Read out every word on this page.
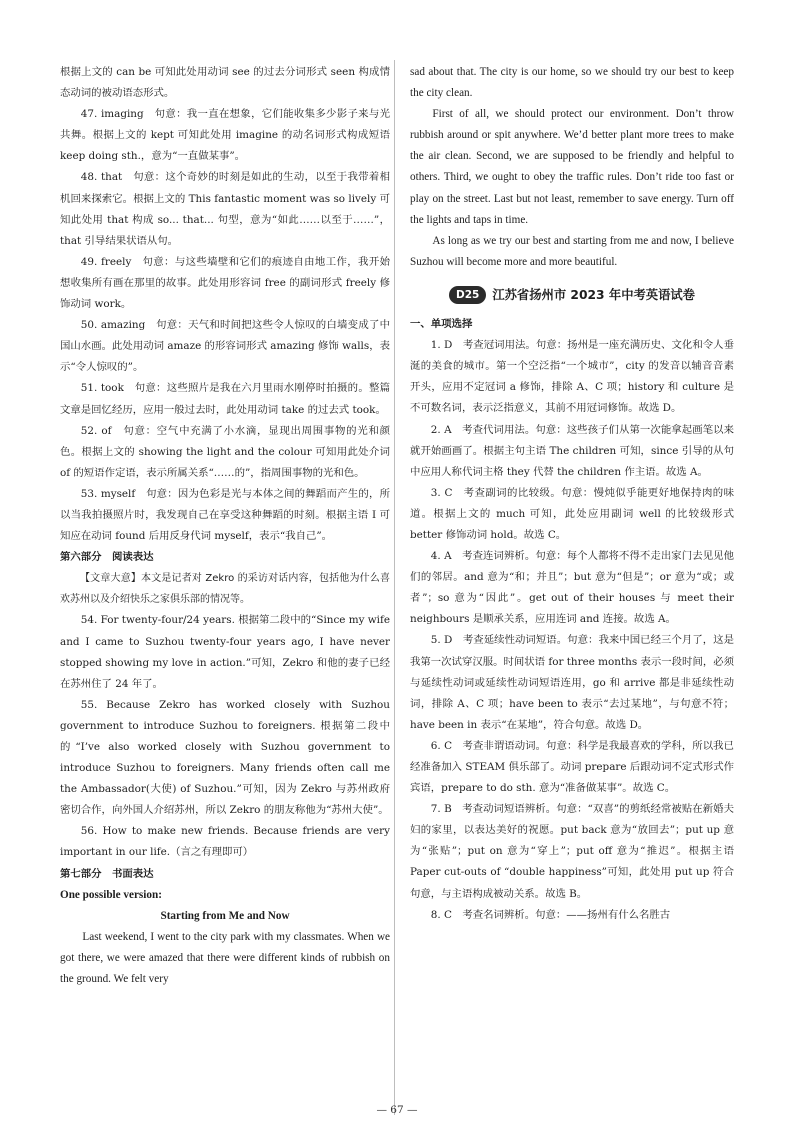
根据上文的 can be 可知此处用动词 see 的过去分词形式 seen 构成情态动词的被动语态形式。

47. imaging　句意：我一直在想象，它们能收集多少影子来与光共舞。根据上文的 kept 可知此处用 imagine 的动名词形式构成短语 keep doing sth.，意为“一直做某事”。

48. that　句意：这个奇妙的时刻是如此的生动，以至于我带着相机回来探索它。根据上文的 This fantastic moment was so lively 可知此处用 that 构成 so... that... 句型，意为“如此……以至于……”，that 引导结果状语从句。

49. freely　句意：与这些墙壁和它们的痕迹自由地工作，我开始想收集所有画在那里的故事。此处用形容词 free 的副词形式 freely 修饰动词 work。

50. amazing　句意：天气和时间把这些令人惊叹的白墙变成了中国山水画。此处用动词 amaze 的形容词形式 amazing 修饰 walls，表示“令人惊叹的”。

51. took　句意：这些照片是我在六月里雨水刚停时拍摄的。整篇文章是回忆经历，应用一般过去时，此处用动词 take 的过去式 took。

52. of　句意：空气中充满了小水滴，显现出周围事物的光和颜色。根据上文的 showing the light and the colour 可知用此处介词 of 的短语作定语，表示所属关系“……的”，指周围事物的光和色。

53. myself　句意：因为色彩是光与本体之间的舞蹈而产生的，所以当我拍摄照片时，我发现自己在享受这种舞蹈的时刻。根据主语 I 可知应在动词 found 后用反身代词 myself，表示“我自己”。

第六部分　阅读表达

【文章大意】本文是记者对 Zekro 的采访对话内容，包括他为什么喜欢苏州以及介绍快乐之家俱乐部的情况等。

54. For twenty-four/24 years. 根据第二段中的“Since my wife and I came to Suzhou twenty-four years ago, I have never stopped showing my love in action.”可知，Zekro 和他的妻子已经在苏州住了 24 年了。

55. Because Zekro has worked closely with Suzhou government to introduce Suzhou to foreigners. 根据第二段中的“I’ve also worked closely with Suzhou government to introduce Suzhou to foreigners. Many friends often call me the Ambassador(大使) of Suzhou.”可知，因为 Zekro 与苏州政府密切合作，向外国人介绍苏州，所以 Zekro 的朋友称他为“苏州大使”。

56. How to make new friends. Because friends are very important in our life.（言之有理即可）

第七部分　书面表达

One possible version:

Starting from Me and Now

Last weekend, I went to the city park with my classmates. When we got there, we were amazed that there were different kinds of rubbish on the ground. We felt very

sad about that. The city is our home, so we should try our best to keep the city clean.

First of all, we should protect our environment. Don’t throw rubbish around or spit anywhere. We’d better plant more trees to make the air clean. Second, we are supposed to be friendly and helpful to others. Third, we ought to obey the traffic rules. Don’t ride too fast or play on the street. Last but not least, remember to save energy. Turn off the lights and taps in time.

As long as we try our best and starting from me and now, I believe Suzhou will become more and more beautiful.

D25	江苏省扬州市 2023 年中考英语试卷

一、单项选择

1. D　考查冠词用法。句意：扬州是一座充满历史、文化和令人垂涎的美食的城市。第一个空泛指“一个城市”，city 的发音以辅音音素开头，应用不定冠词 a 修饰，排除 A、C 项；history 和 culture 是不可数名词，表示泛指意义，其前不用冠词修饰。故选 D。

2. A　考查代词用法。句意：这些孩子们从第一次能拿起画笔以来就开始画画了。根据主句主语 The children 可知，since 引导的从句中应用人称代词主格 they 代替 the children 作主语。故选 A。

3. C　考查副词的比较级。句意：慢炖似乎能更好地保持肉的味道。根据上文的 much 可知，此处应用副词 well 的比较级形式 better 修饰动词 hold。故选 C。

4. A　考查连词辨析。句意：每个人都将不得不走出家门去见见他们的邻居。and 意为“和；并且”；but 意为“但是”；or 意为“或；或者”；so 意为“因此”。get out of their houses 与 meet their neighbours 是顺承关系，应用连词 and 连接。故选 A。

5. D　考查延续性动词短语。句意：我来中国已经三个月了，这是我第一次试穿汉服。时间状语 for three months 表示一段时间，必须与延续性动词或延续性动词短语连用，go 和 arrive 都是非延续性动词，排除 A、C 项；have been to 表示“去过某地”，与句意不符；have been in 表示“在某地”，符合句意。故选 D。

6. C　考查非谓语动词。句意：科学是我最喜欢的学科，所以我已经准备加入 STEAM 俱乐部了。动词 prepare 后跟动词不定式形式作宾语，prepare to do sth. 意为“准备做某事”。故选 C。

7. B　考查动词短语辨析。句意：“双喜”的剪纸经常被贴在新婚夫妇的家里，以表达美好的祝愿。put back 意为“放回去”；put up 意为“张贴”；put on 意为“穿上”；put off 意为“推迟”。根据主语 Paper cut-outs of “double happiness”可知，此处用 put up 符合句意，与主语构成被动关系。故选 B。

8. C　考查名词辨析。句意：——扬州有什么名胜古

— 67 —
